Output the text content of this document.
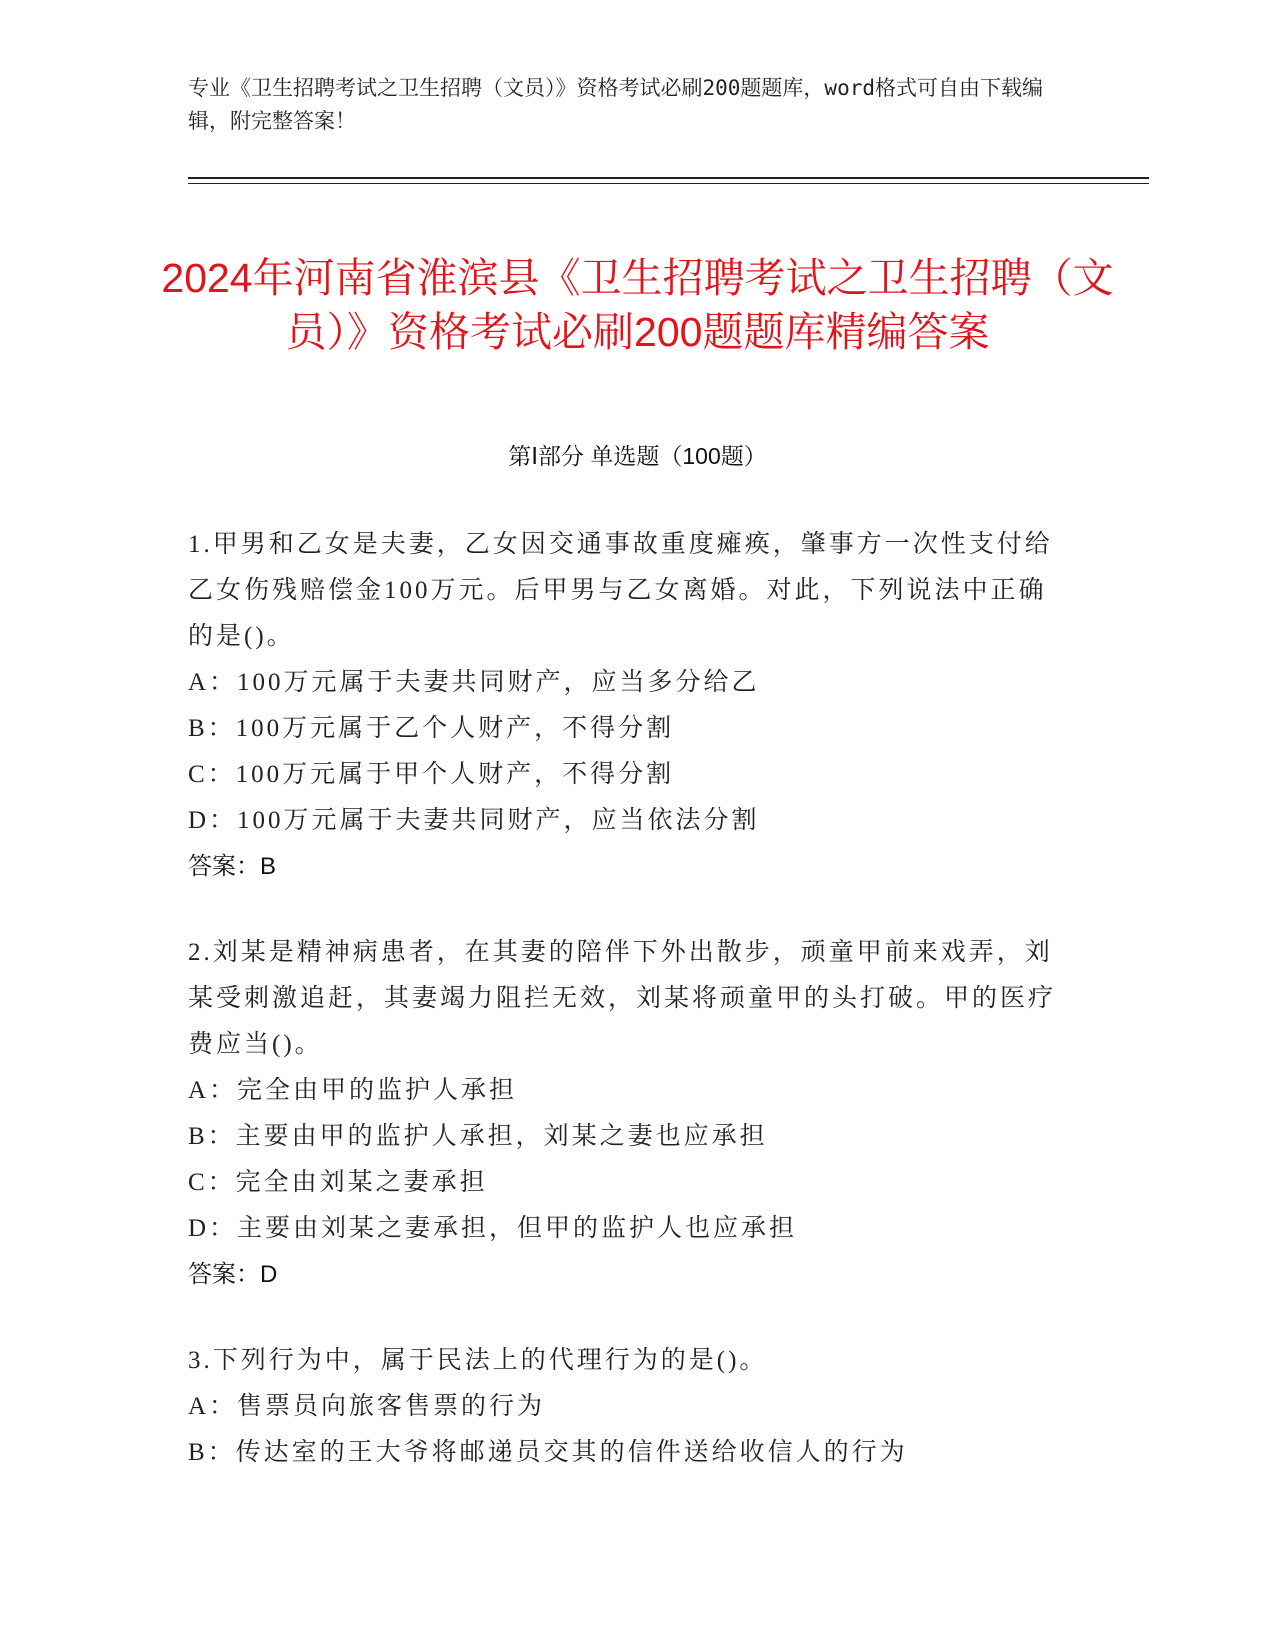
专业《卫生招聘考试之卫生招聘（文员）》资格考试必刷200题题库，word格式可自由下载编辑，附完整答案！
2024年河南省淮滨县《卫生招聘考试之卫生招聘（文员）》资格考试必刷200题题库精编答案
第Ⅰ部分 单选题（100题）
1.甲男和乙女是夫妻，乙女因交通事故重度瘫痪，肇事方一次性支付给乙女伤残赔偿金100万元。后甲男与乙女离婚。对此，下列说法中正确的是()。
A：100万元属于夫妻共同财产，应当多分给乙
B：100万元属于乙个人财产，不得分割
C：100万元属于甲个人财产，不得分割
D：100万元属于夫妻共同财产，应当依法分割
答案：B
2.刘某是精神病患者，在其妻的陪伴下外出散步，顽童甲前来戏弄，刘某受刺激追赶，其妻竭力阻拦无效，刘某将顽童甲的头打破。甲的医疗费应当()。
A：完全由甲的监护人承担
B：主要由甲的监护人承担，刘某之妻也应承担
C：完全由刘某之妻承担
D：主要由刘某之妻承担，但甲的监护人也应承担
答案：D
3.下列行为中，属于民法上的代理行为的是()。
A：售票员向旅客售票的行为
B：传达室的王大爷将邮递员交其的信件送给收信人的行为
